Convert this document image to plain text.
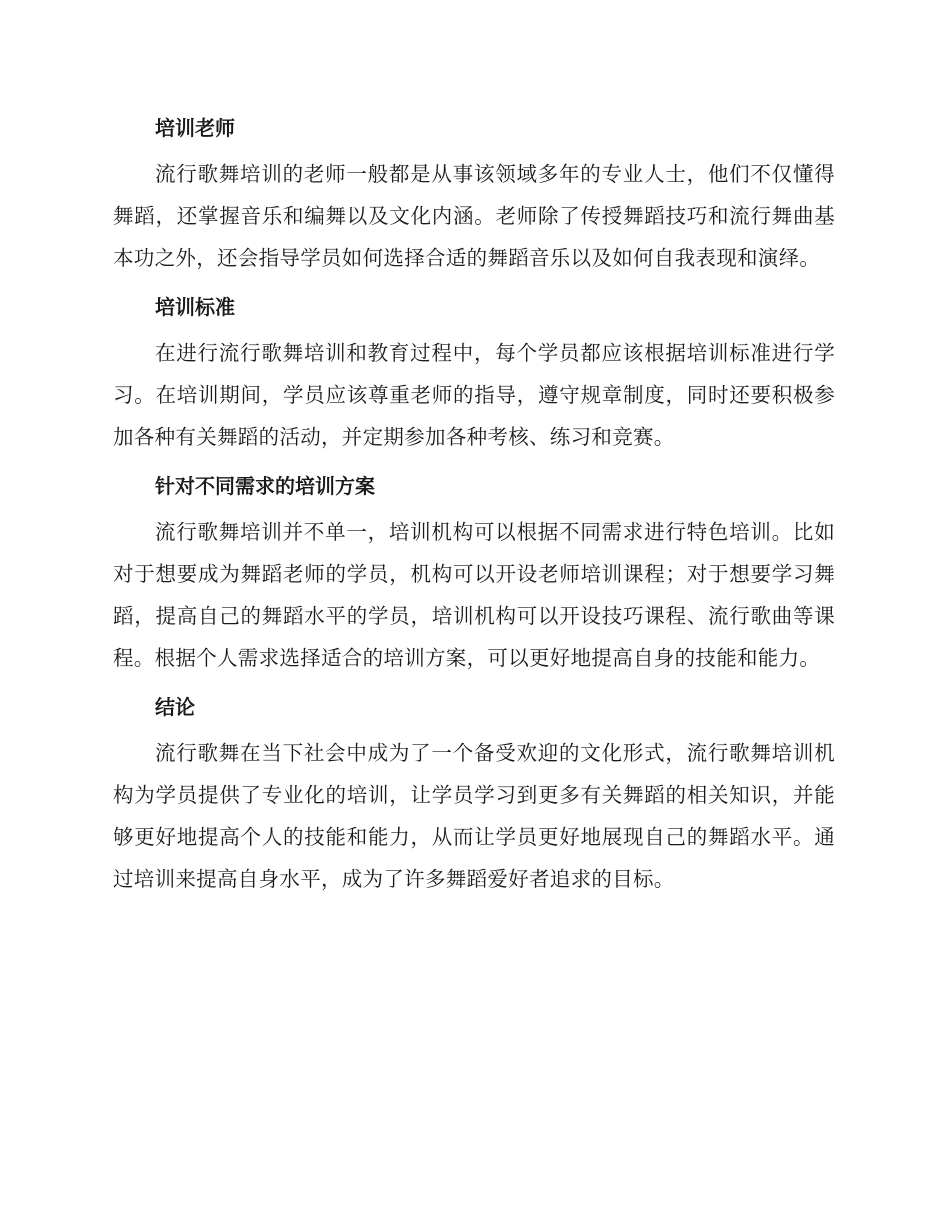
培训老师

流行歌舞培训的老师一般都是从事该领域多年的专业人士，他们不仅懂得舞蹈，还掌握音乐和编舞以及文化内涵。老师除了传授舞蹈技巧和流行舞曲基本功之外，还会指导学员如何选择合适的舞蹈音乐以及如何自我表现和演绎。

培训标准

在进行流行歌舞培训和教育过程中，每个学员都应该根据培训标准进行学习。在培训期间，学员应该尊重老师的指导，遵守规章制度，同时还要积极参加各种有关舞蹈的活动，并定期参加各种考核、练习和竞赛。

针对不同需求的培训方案

流行歌舞培训并不单一，培训机构可以根据不同需求进行特色培训。比如对于想要成为舞蹈老师的学员，机构可以开设老师培训课程；对于想要学习舞蹈，提高自己的舞蹈水平的学员，培训机构可以开设技巧课程、流行歌曲等课程。根据个人需求选择适合的培训方案，可以更好地提高自身的技能和能力。

结论

流行歌舞在当下社会中成为了一个备受欢迎的文化形式，流行歌舞培训机构为学员提供了专业化的培训，让学员学习到更多有关舞蹈的相关知识，并能够更好地提高个人的技能和能力，从而让学员更好地展现自己的舞蹈水平。通过培训来提高自身水平，成为了许多舞蹈爱好者追求的目标。
